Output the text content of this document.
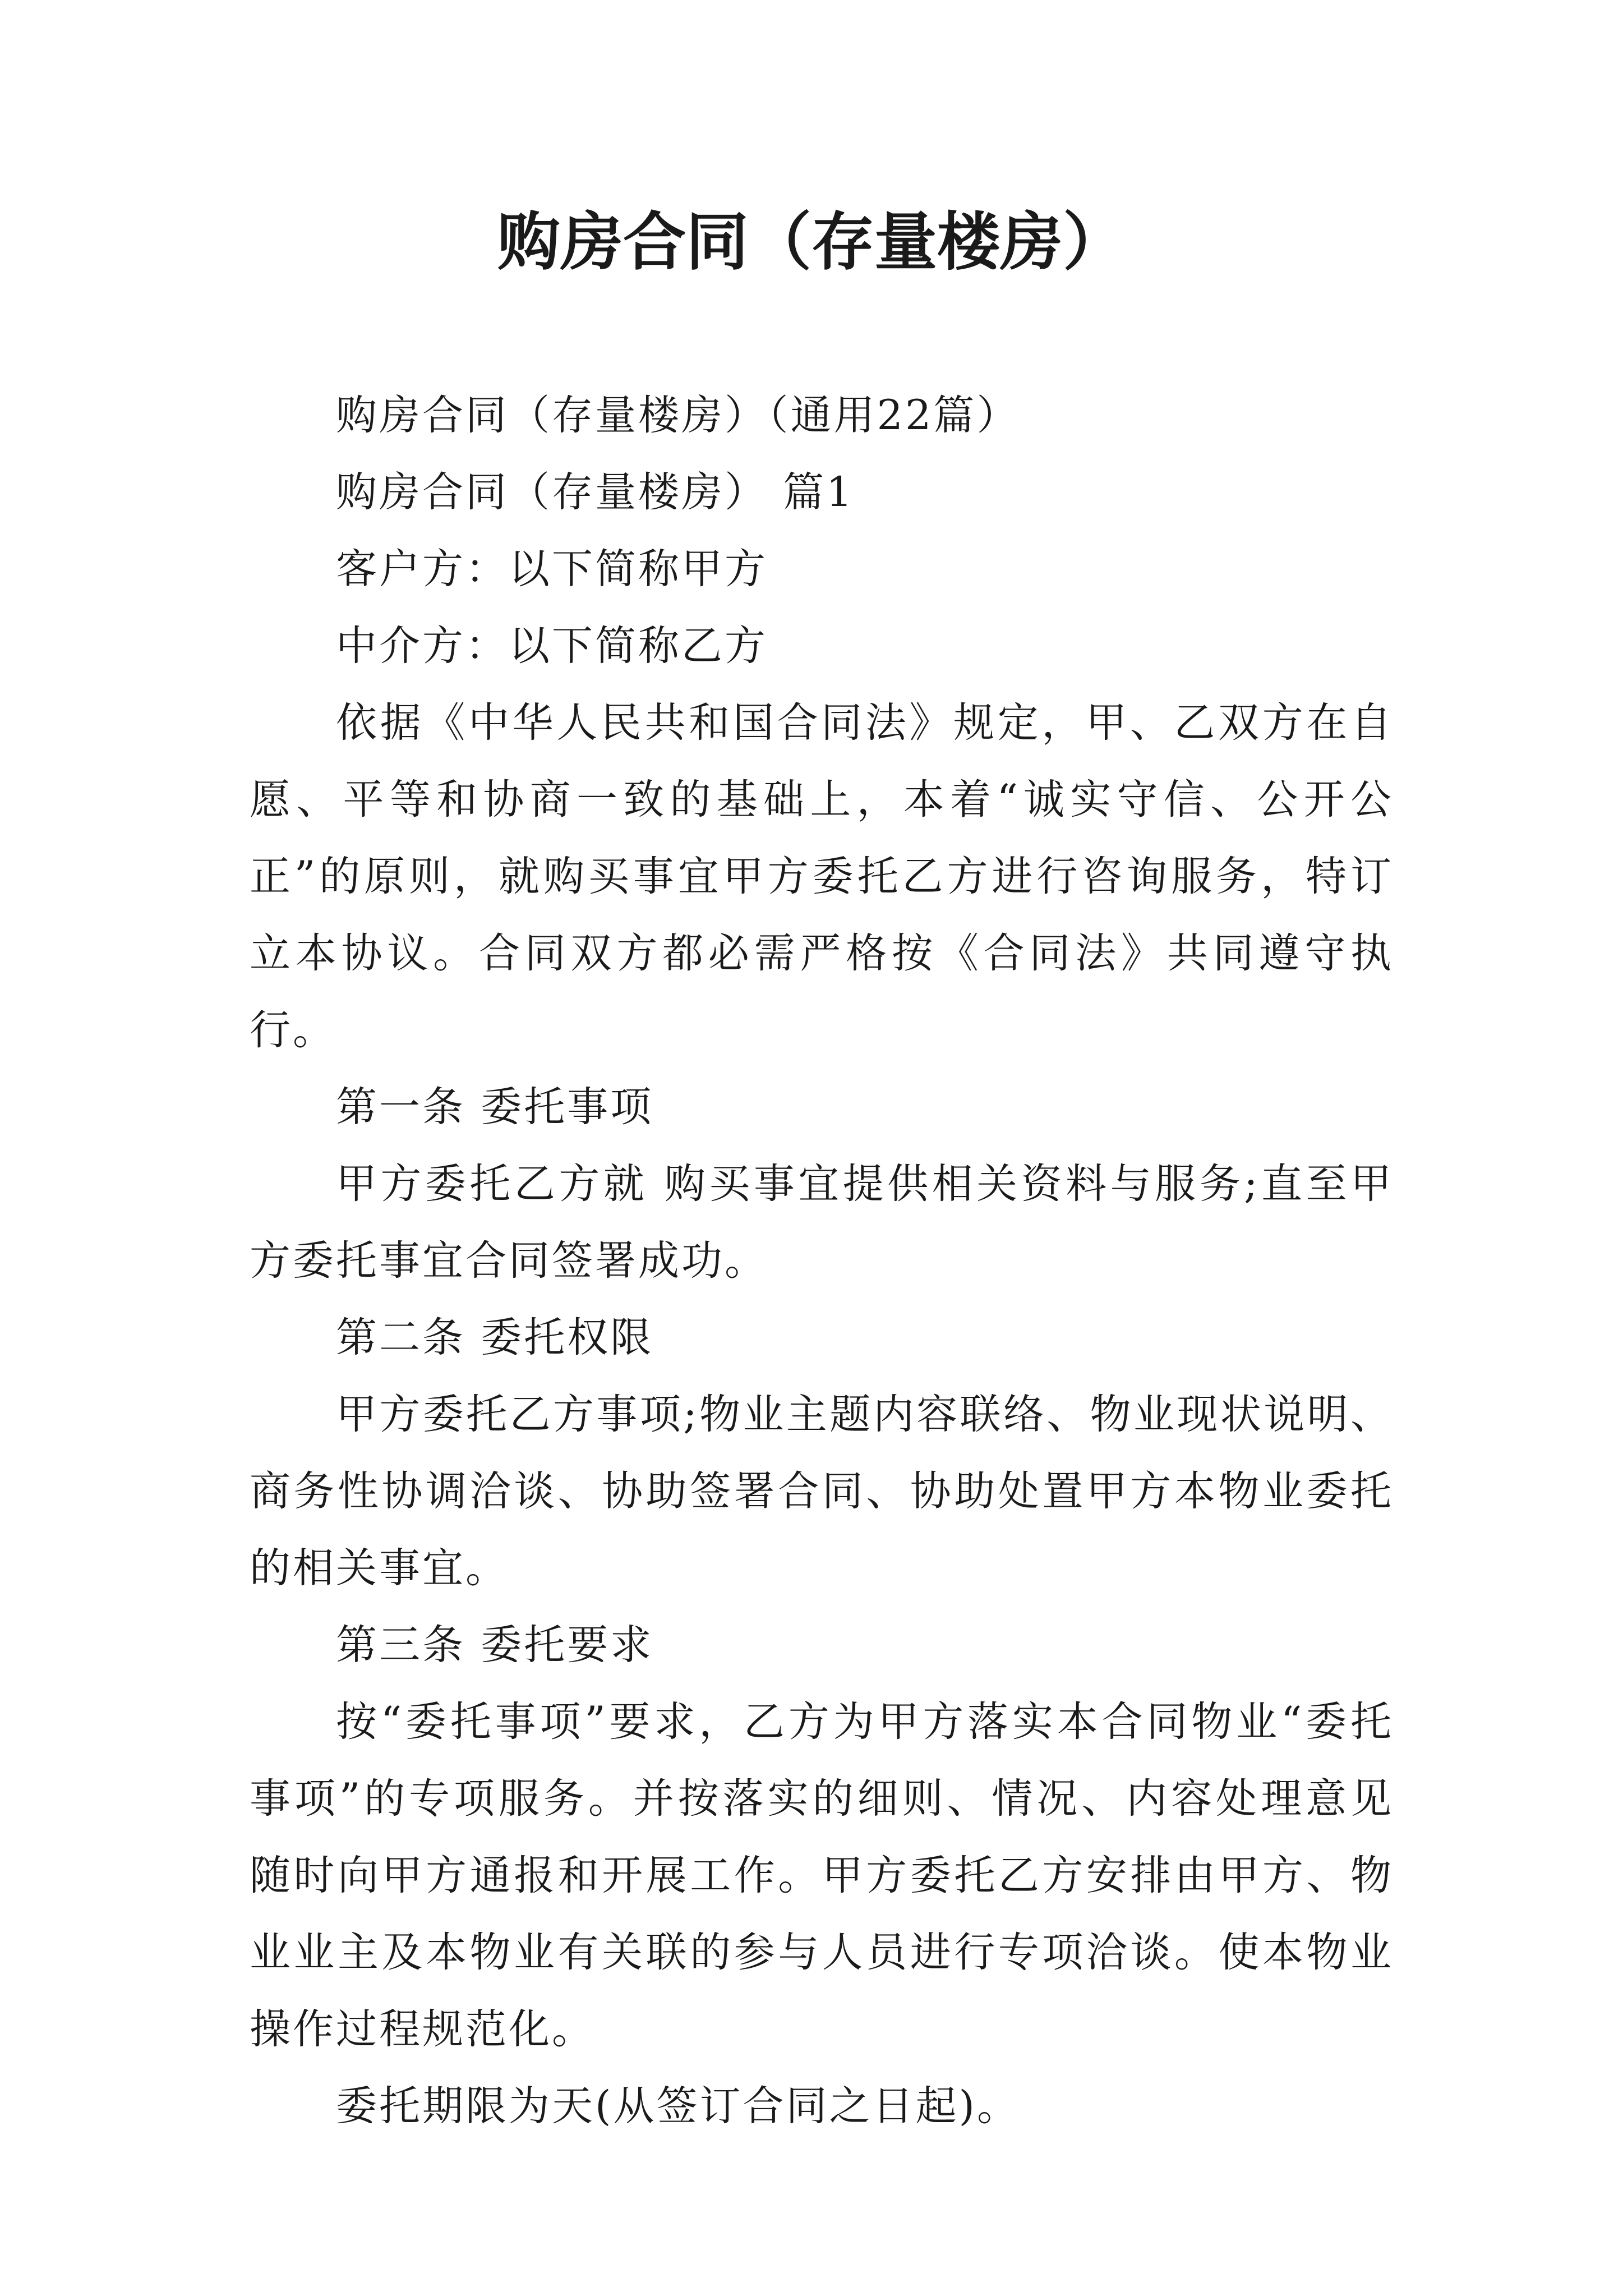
购房合同（存量楼房）

购房合同（存量楼房）（通用22篇）

购房合同（存量楼房） 篇1

客户方：以下简称甲方

中介方：以下简称乙方

依据《中华人民共和国合同法》规定，甲、乙双方在自愿、平等和协商一致的基础上，本着“诚实守信、公开公正”的原则，就购买事宜甲方委托乙方进行咨询服务，特订立本协议。合同双方都必需严格按《合同法》共同遵守执行。

第一条 委托事项

甲方委托乙方就 购买事宜提供相关资料与服务;直至甲方委托事宜合同签署成功。

第二条 委托权限

甲方委托乙方事项;物业主题内容联络、物业现状说明、商务性协调洽谈、协助签署合同、协助处置甲方本物业委托的相关事宜。

第三条 委托要求

按“委托事项”要求，乙方为甲方落实本合同物业“委托事项”的专项服务。并按落实的细则、情况、内容处理意见随时向甲方通报和开展工作。甲方委托乙方安排由甲方、物业业主及本物业有关联的参与人员进行专项洽谈。使本物业操作过程规范化。

委托期限为天(从签订合同之日起)。
